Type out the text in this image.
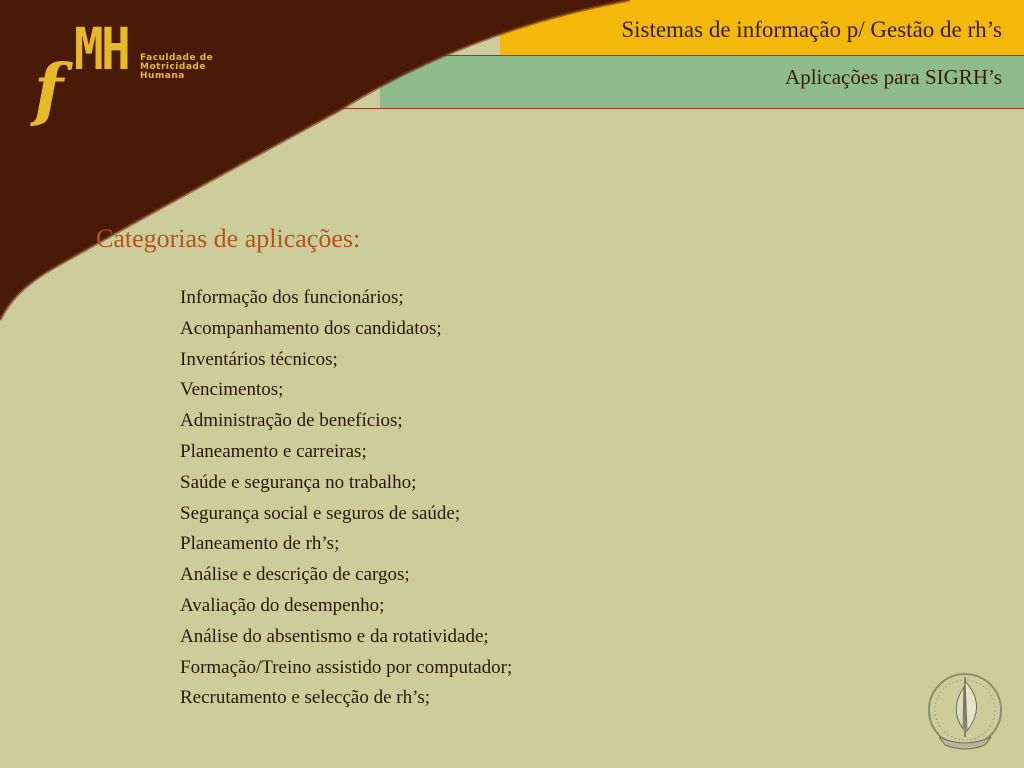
f
MH Faculdade de
Motricidade
Humana
Sistemas de informação p/ Gestão de rh’s
Aplicações para SIGRH’s
Categorias de aplicações:
Informação dos funcionários;
Acompanhamento dos candidatos;
Inventários técnicos;
Vencimentos;
Administração de benefícios;
Planeamento e carreiras;
Saúde e segurança no trabalho;
Segurança social e seguros de saúde;
Planeamento de rh’s;
Análise e descrição de cargos;
Avaliação do desempenho;
Análise do absentismo e da rotatividade;
Formação/Treino assistido por computador;
Recrutamento e selecção de rh’s;
